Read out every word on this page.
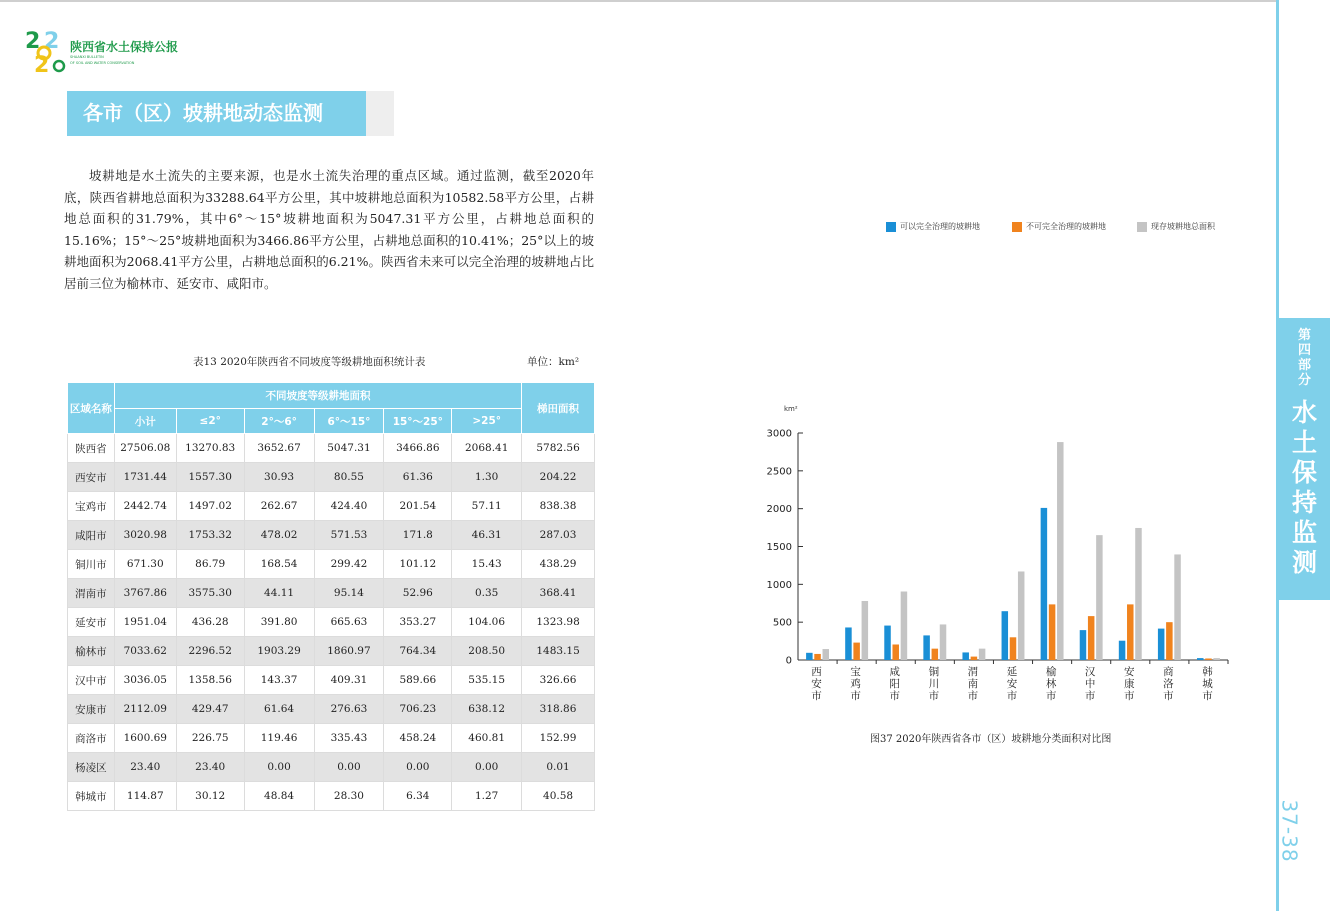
2 2
2
陕西省水土保持公报
SHAANXI BULLETIN
OF SOIL AND WATER CONSERVATION
各市（区）坡耕地动态监测

坡耕地是水土流失的主要来源，也是水土流失治理的重点区域。通过监测，截至2020年底，陕西省耕地总面积为33288.64平方公里，其中坡耕地总面积为10582.58平方公里，占耕地总面积的31.79%，其中6°～15°坡耕地面积为5047.31平方公里，占耕地总面积的15.16%；15°～25°坡耕地面积为3466.86平方公里，占耕地总面积的10.41%；25°以上的坡耕地面积为2068.41平方公里，占耕地总面积的6.21%。陕西省未来可以完全治理的坡耕地占比居前三位为榆林市、延安市、咸阳市。

表13 2020年陕西省不同坡度等级耕地面积统计表	单位：km²
区域名称	不同坡度等级耕地面积						梯田面积
	小计	≤2°	2°～6°	6°～15°	15°～25°	>25°	
陕西省	27506.08	13270.83	3652.67	5047.31	3466.86	2068.41	5782.56
西安市	1731.44	1557.30	30.93	80.55	61.36	1.30	204.22
宝鸡市	2442.74	1497.02	262.67	424.40	201.54	57.11	838.38
咸阳市	3020.98	1753.32	478.02	571.53	171.8	46.31	287.03
铜川市	671.30	86.79	168.54	299.42	101.12	15.43	438.29
渭南市	3767.86	3575.30	44.11	95.14	52.96	0.35	368.41
延安市	1951.04	436.28	391.80	665.63	353.27	104.06	1323.98
榆林市	7033.62	2296.52	1903.29	1860.97	764.34	208.50	1483.15
汉中市	3036.05	1358.56	143.37	409.31	589.66	535.15	326.66
安康市	2112.09	429.47	61.64	276.63	706.23	638.12	318.86
商洛市	1600.69	226.75	119.46	335.43	458.24	460.81	152.99
杨凌区	23.40	23.40	0.00	0.00	0.00	0.00	0.01
韩城市	114.87	30.12	48.84	28.30	6.34	1.27	40.58
可以完全治理的坡耕地	不可完全治理的坡耕地	现存坡耕地总面积
km²
0
500
1000
1500
2000
2500
3000
西
安
市
宝
鸡
市
咸
阳
市
铜
川
市
渭
南
市
延
安
市
榆
林
市
汉
中
市
安
康
市
商
洛
市
韩
城
市
图37 2020年陕西省各市（区）坡耕地分类面积对比图
第
四
部
分
水
土
保
持
监
测
37-38
